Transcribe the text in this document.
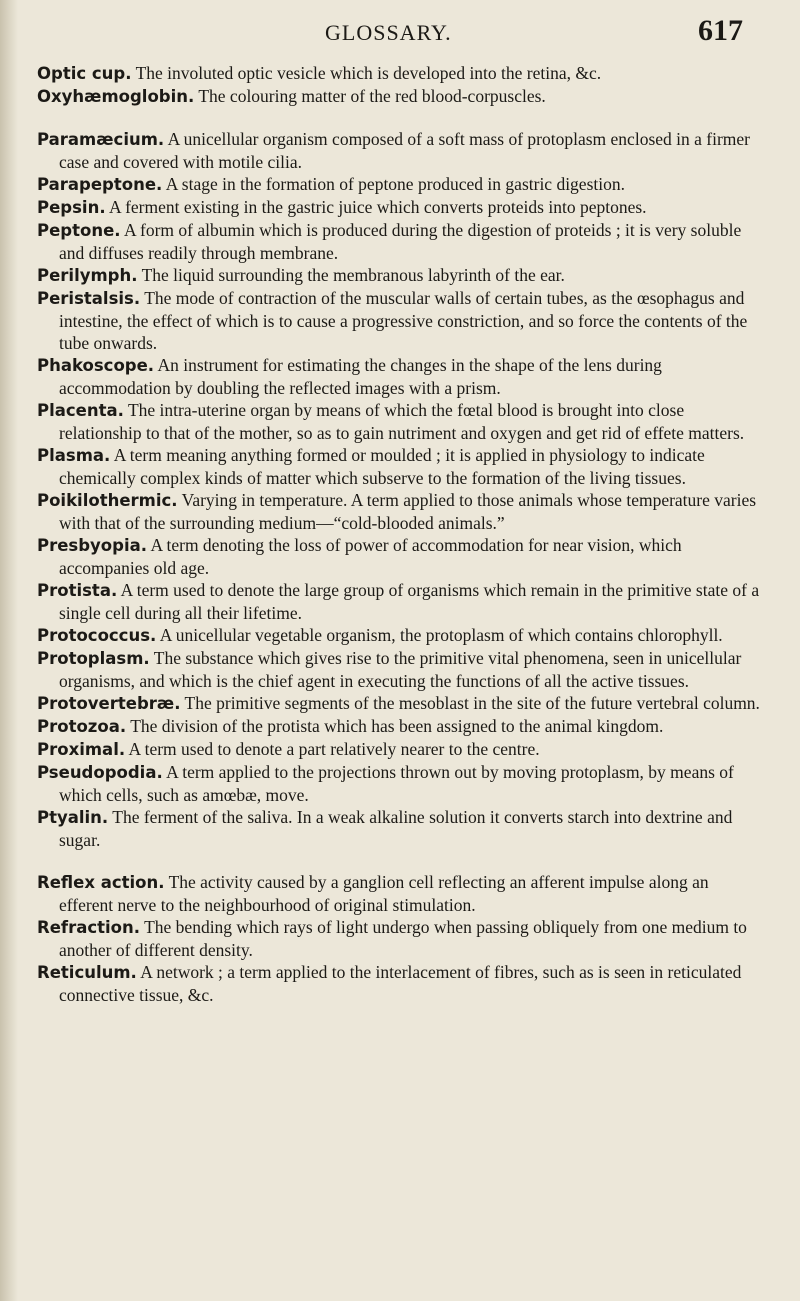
GLOSSARY.	617

Optic cup. The involuted optic vesicle which is developed into the retina, &c.

Oxyhæmoglobin. The colouring matter of the red blood-corpuscles.

Paramæcium. A unicellular organism composed of a soft mass of protoplasm enclosed in a firmer case and covered with motile cilia.

Parapeptone. A stage in the formation of peptone produced in gastric digestion.

Pepsin. A ferment existing in the gastric juice which converts proteids into peptones.

Peptone. A form of albumin which is produced during the digestion of proteids ; it is very soluble and diffuses readily through membrane.

Perilymph. The liquid surrounding the membranous labyrinth of the ear.

Peristalsis. The mode of contraction of the muscular walls of certain tubes, as the œsophagus and intestine, the effect of which is to cause a progressive constriction, and so force the contents of the tube onwards.

Phakoscope. An instrument for estimating the changes in the shape of the lens during accommodation by doubling the reflected images with a prism.

Placenta. The intra-uterine organ by means of which the fœtal blood is brought into close relationship to that of the mother, so as to gain nutriment and oxygen and get rid of effete matters.

Plasma. A term meaning anything formed or moulded ; it is applied in physiology to indicate chemically complex kinds of matter which subserve to the formation of the living tissues.

Poikilothermic. Varying in temperature. A term applied to those animals whose temperature varies with that of the surrounding medium—“cold-blooded animals.”

Presbyopia. A term denoting the loss of power of accommodation for near vision, which accompanies old age.

Protista. A term used to denote the large group of organisms which remain in the primitive state of a single cell during all their lifetime.

Protococcus. A unicellular vegetable organism, the protoplasm of which contains chlorophyll.

Protoplasm. The substance which gives rise to the primitive vital phenomena, seen in unicellular organisms, and which is the chief agent in executing the functions of all the active tissues.

Protovertebræ. The primitive segments of the mesoblast in the site of the future vertebral column.

Protozoa. The division of the protista which has been assigned to the animal kingdom.

Proximal. A term used to denote a part relatively nearer to the centre.

Pseudopodia. A term applied to the projections thrown out by moving protoplasm, by means of which cells, such as amœbæ, move.

Ptyalin. The ferment of the saliva. In a weak alkaline solution it converts starch into dextrine and sugar.

Reflex action. The activity caused by a ganglion cell reflecting an afferent impulse along an efferent nerve to the neighbourhood of original stimulation.

Refraction. The bending which rays of light undergo when passing obliquely from one medium to another of different density.

Reticulum. A network ; a term applied to the interlacement of fibres, such as is seen in reticulated connective tissue, &c.
